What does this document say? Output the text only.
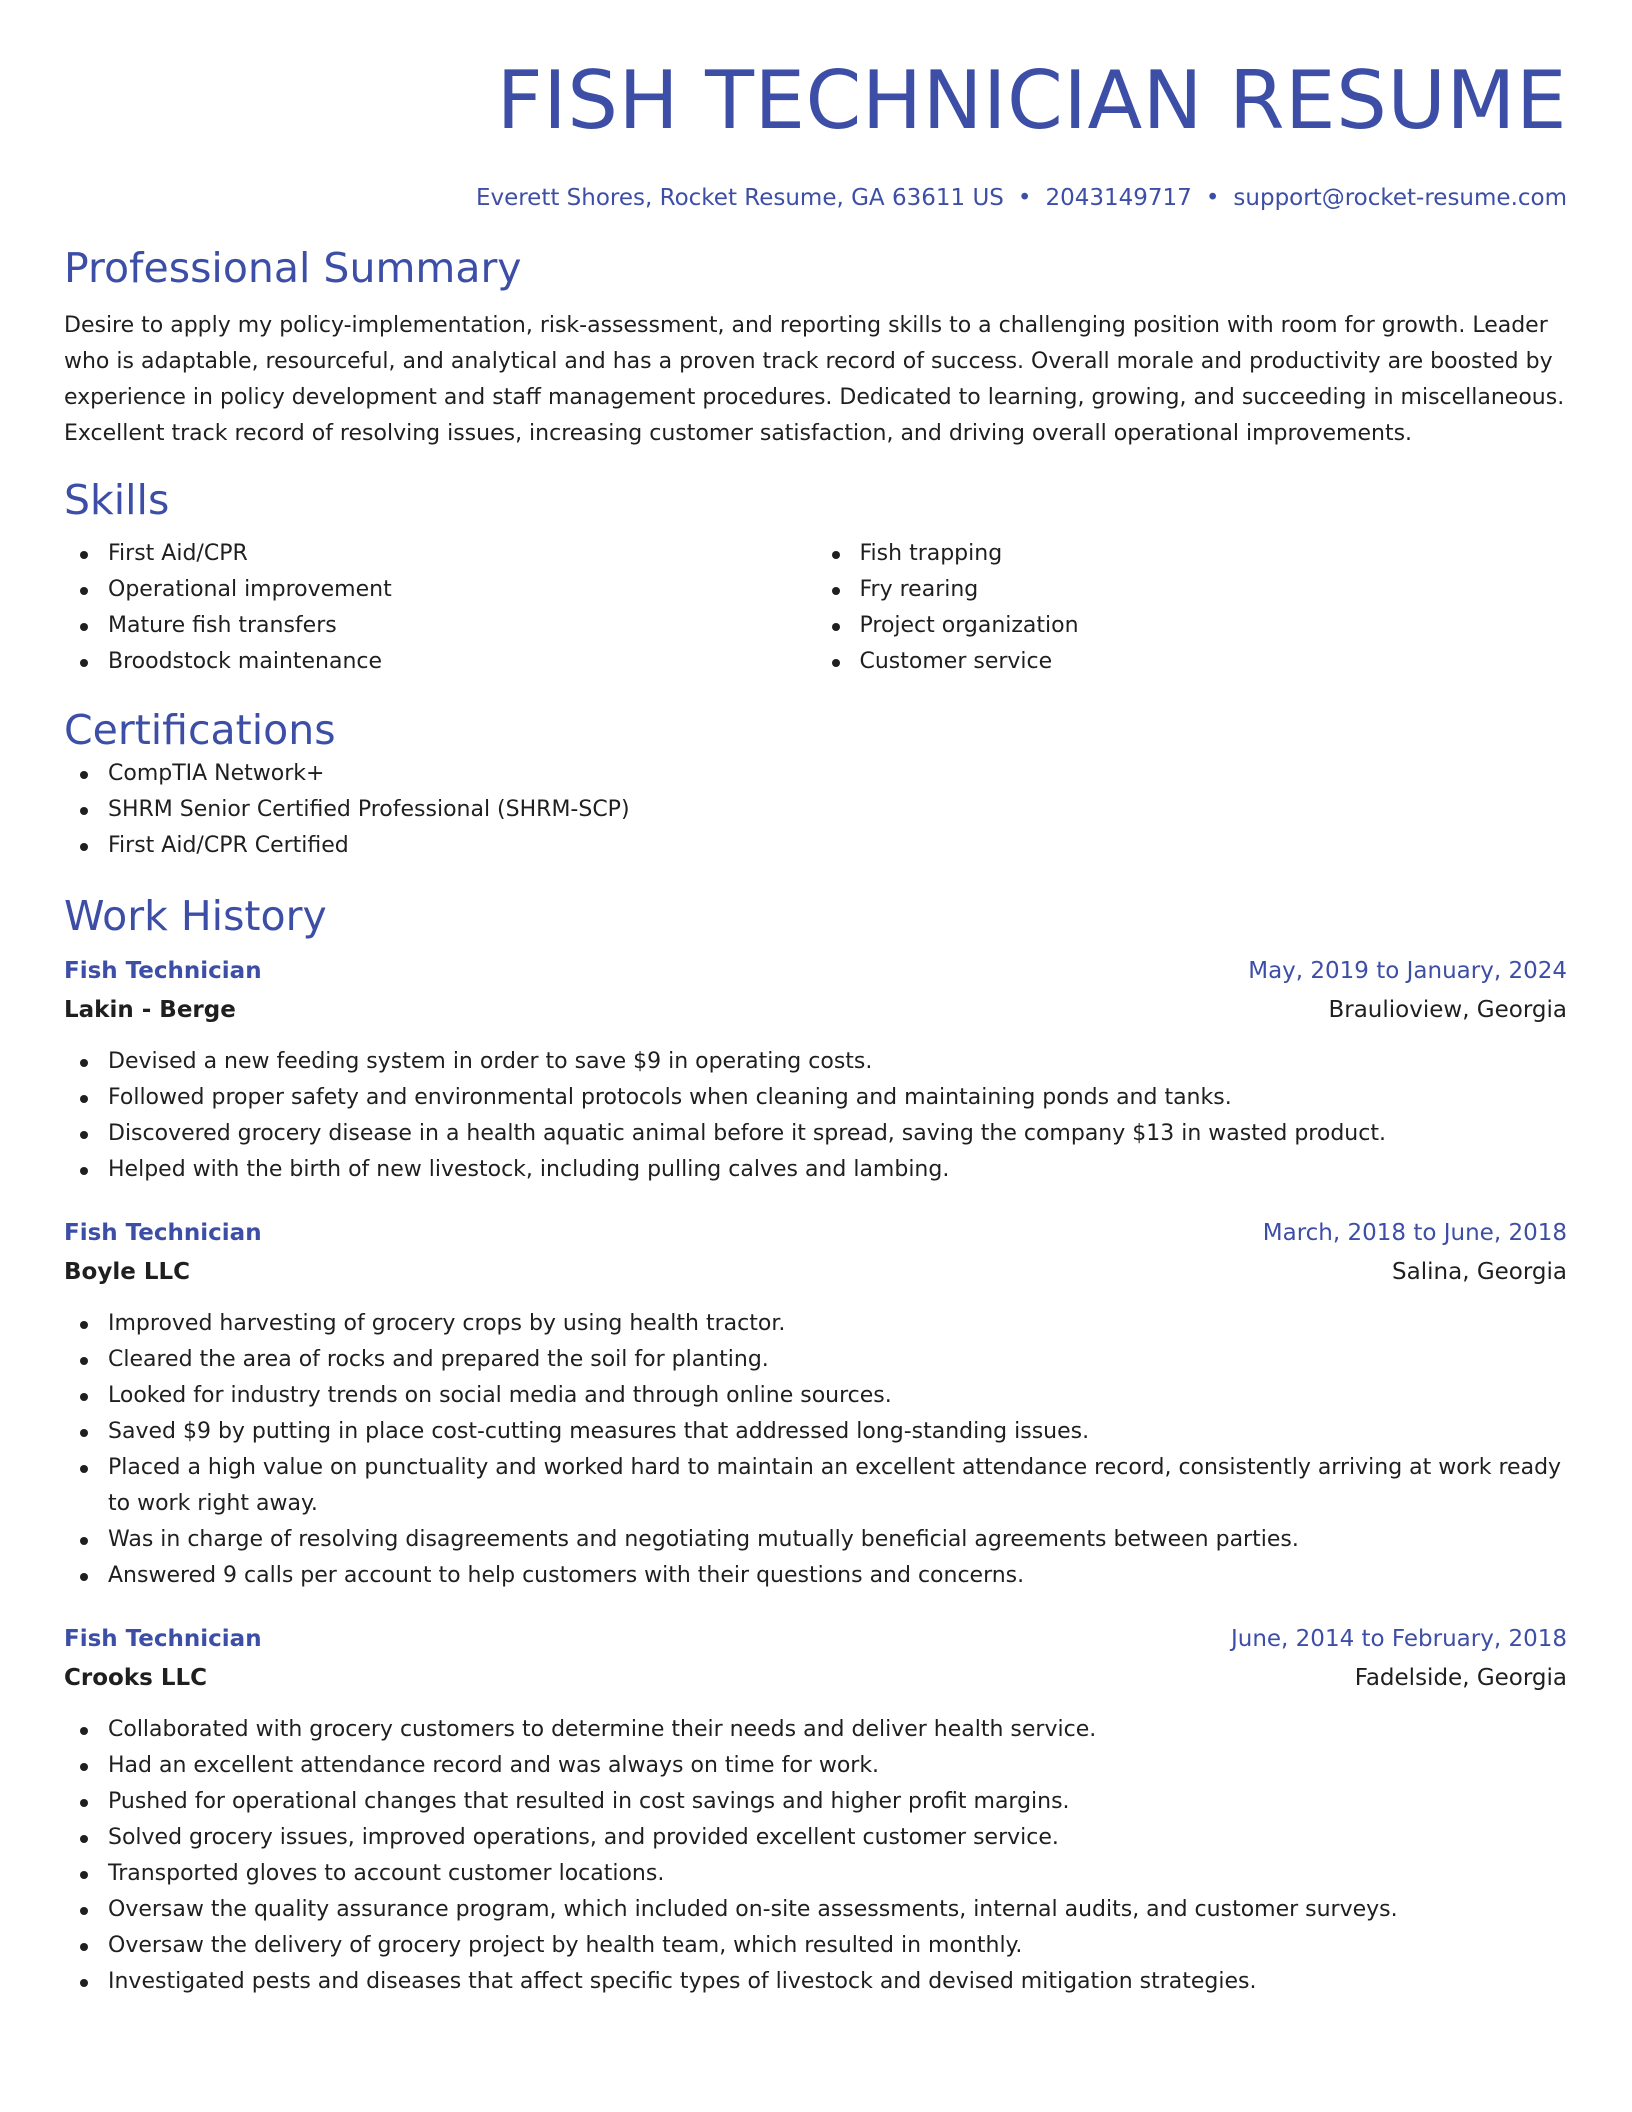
FISH TECHNICIAN RESUME
Everett Shores, Rocket Resume, GA 63611 US • 2043149717 • support@rocket-resume.com
Professional Summary

Desire to apply my policy-implementation, risk-assessment, and reporting skills to a challenging position with room for growth. Leader who is adaptable, resourceful, and analytical and has a proven track record of success. Overall morale and productivity are boosted by experience in policy development and staff management procedures. Dedicated to learning, growing, and succeeding in miscellaneous. Excellent track record of resolving issues, increasing customer satisfaction, and driving overall operational improvements.

Skills
First Aid/CPR
Operational improvement
Mature fish transfers
Broodstock maintenance
Fish trapping
Fry rearing
Project organization
Customer service
Certifications
CompTIA Network+
SHRM Senior Certified Professional (SHRM-SCP)
First Aid/CPR Certified
Work History
Fish Technician	May, 2019 to January, 2024
Lakin - Berge	Braulioview, Georgia
Devised a new feeding system in order to save $9 in operating costs.
Followed proper safety and environmental protocols when cleaning and maintaining ponds and tanks.
Discovered grocery disease in a health aquatic animal before it spread, saving the company $13 in wasted product.
Helped with the birth of new livestock, including pulling calves and lambing.
Fish Technician	March, 2018 to June, 2018
Boyle LLC	Salina, Georgia
Improved harvesting of grocery crops by using health tractor.
Cleared the area of rocks and prepared the soil for planting.
Looked for industry trends on social media and through online sources.
Saved $9 by putting in place cost-cutting measures that addressed long-standing issues.
Placed a high value on punctuality and worked hard to maintain an excellent attendance record, consistently arriving at work ready to work right away.
Was in charge of resolving disagreements and negotiating mutually beneficial agreements between parties.
Answered 9 calls per account to help customers with their questions and concerns.
Fish Technician	June, 2014 to February, 2018
Crooks LLC	Fadelside, Georgia
Collaborated with grocery customers to determine their needs and deliver health service.
Had an excellent attendance record and was always on time for work.
Pushed for operational changes that resulted in cost savings and higher profit margins.
Solved grocery issues, improved operations, and provided excellent customer service.
Transported gloves to account customer locations.
Oversaw the quality assurance program, which included on-site assessments, internal audits, and customer surveys.
Oversaw the delivery of grocery project by health team, which resulted in monthly.
Investigated pests and diseases that affect specific types of livestock and devised mitigation strategies.
